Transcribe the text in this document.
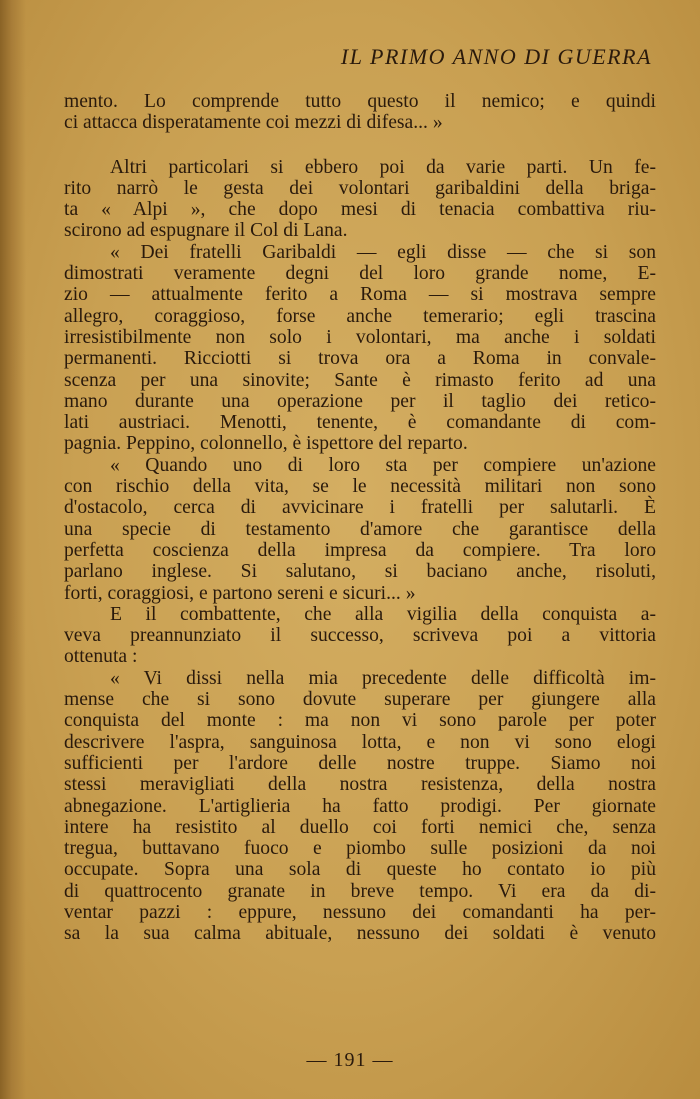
IL PRIMO ANNO DI GUERRA
mento. Lo comprende tutto questo il nemico; e quindi
ci attacca disperatamente coi mezzi di difesa... »
Altri particolari si ebbero poi da varie parti. Un fe-
rito narrò le gesta dei volontari garibaldini della briga-
ta « Alpi », che dopo mesi di tenacia combattiva riu-
scirono ad espugnare il Col di Lana.
« Dei fratelli Garibaldi — egli disse — che si son
dimostrati veramente degni del loro grande nome, E-
zio — attualmente ferito a Roma — si mostrava sempre
allegro, coraggioso, forse anche temerario; egli trascina
irresistibilmente non solo i volontari, ma anche i soldati
permanenti. Ricciotti si trova ora a Roma in convale-
scenza per una sinovite; Sante è rimasto ferito ad una
mano durante una operazione per il taglio dei retico-
lati austriaci. Menotti, tenente, è comandante di com-
pagnia. Peppino, colonnello, è ispettore del reparto.
« Quando uno di loro sta per compiere un'azione
con rischio della vita, se le necessità militari non sono
d'ostacolo, cerca di avvicinare i fratelli per salutarli. È
una specie di testamento d'amore che garantisce della
perfetta coscienza della impresa da compiere. Tra loro
parlano inglese. Si salutano, si baciano anche, risoluti,
forti, coraggiosi, e partono sereni e sicuri... »
E il combattente, che alla vigilia della conquista a-
veva preannunziato il successo, scriveva poi a vittoria
ottenuta :
« Vi dissi nella mia precedente delle difficoltà im-
mense che si sono dovute superare per giungere alla
conquista del monte : ma non vi sono parole per poter
descrivere l'aspra, sanguinosa lotta, e non vi sono elogi
sufficienti per l'ardore delle nostre truppe. Siamo noi
stessi meravigliati della nostra resistenza, della nostra
abnegazione. L'artiglieria ha fatto prodigi. Per giornate
intere ha resistito al duello coi forti nemici che, senza
tregua, buttavano fuoco e piombo sulle posizioni da noi
occupate. Sopra una sola di queste ho contato io più
di quattrocento granate in breve tempo. Vi era da di-
ventar pazzi : eppure, nessuno dei comandanti ha per-
sa la sua calma abituale, nessuno dei soldati è venuto
— 191 —
